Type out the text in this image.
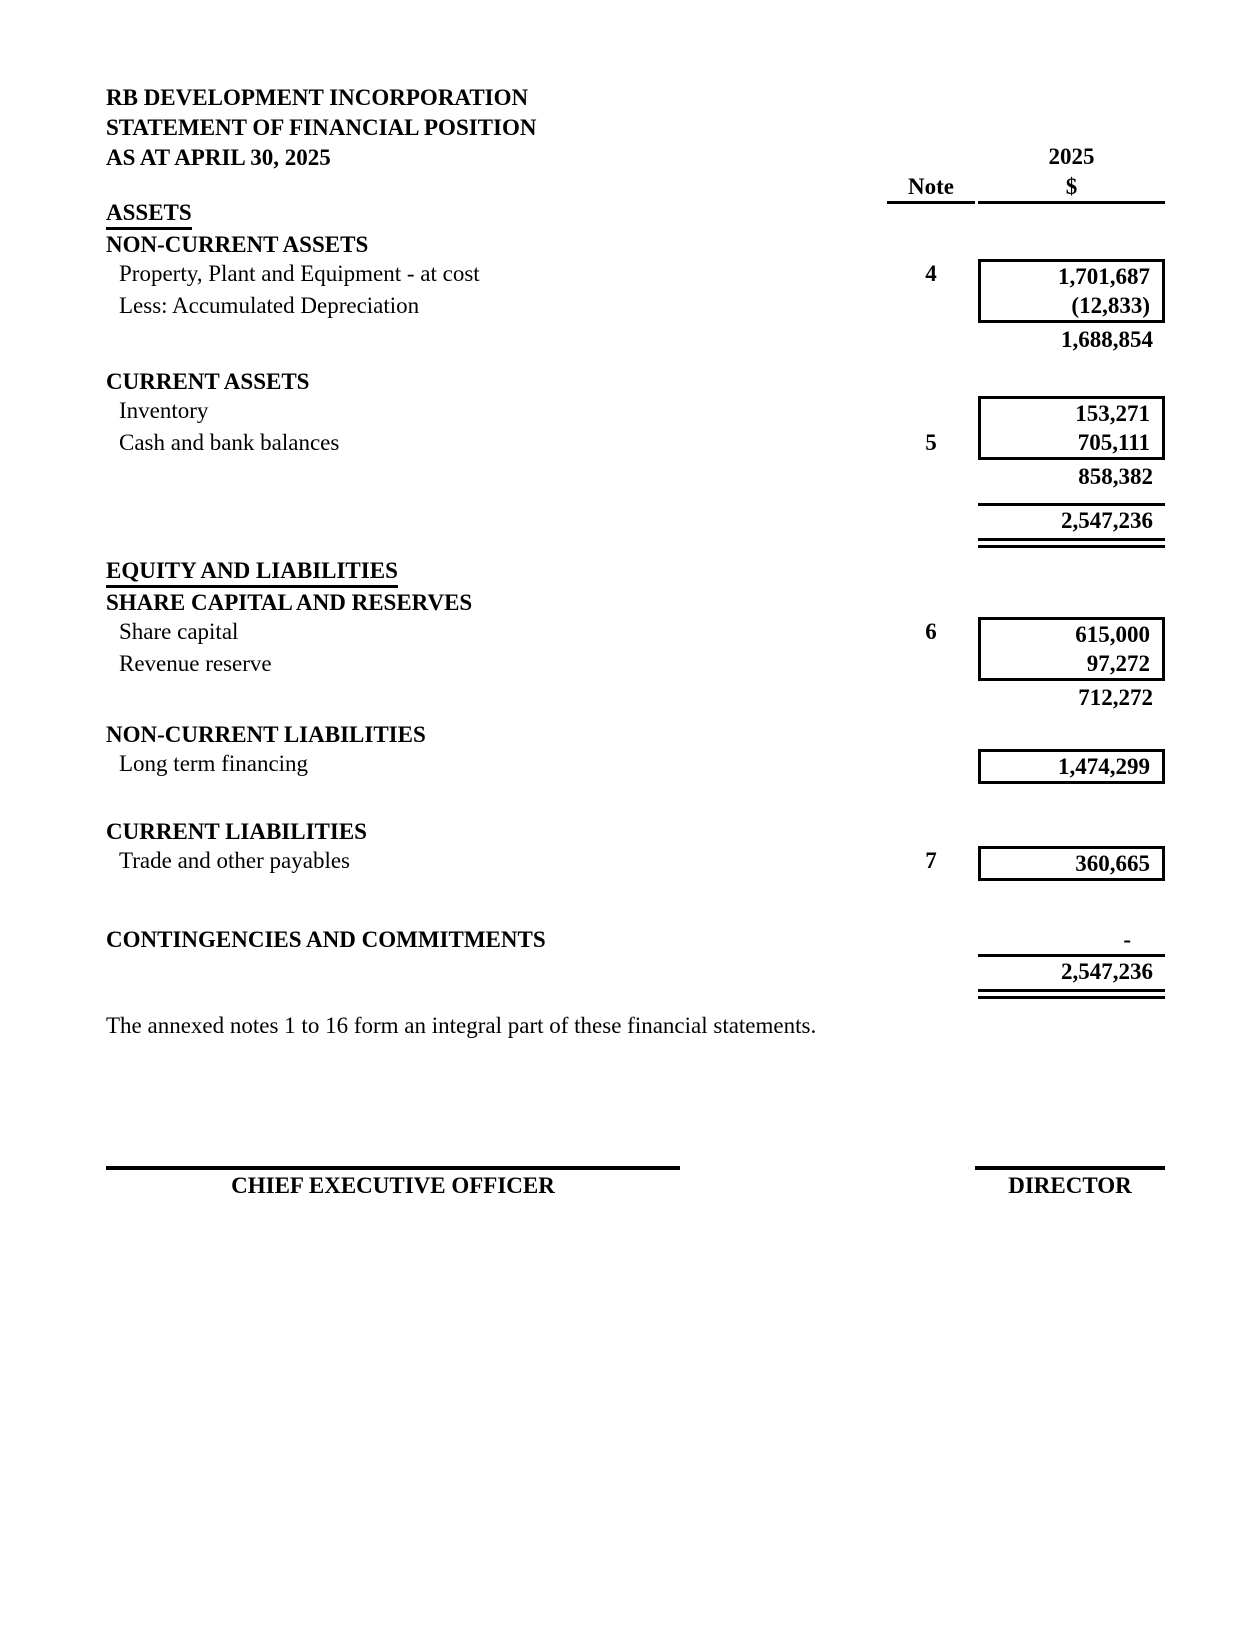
2025
Note	$
RB DEVELOPMENT INCORPORATION
STATEMENT OF FINANCIAL POSITION
AS AT APRIL 30, 2025
ASSETS
NON-CURRENT ASSETS
Property, Plant and Equipment - at cost	4	1,701,687
Less: Accumulated Depreciation	(12,833)
1,688,854
CURRENT ASSETS
Inventory	153,271
Cash and bank balances	5	705,111
858,382
2,547,236
EQUITY AND LIABILITIES
SHARE CAPITAL AND RESERVES
Share capital	6	615,000
Revenue reserve	97,272
712,272
NON-CURRENT LIABILITIES
Long term financing	1,474,299
CURRENT LIABILITIES
Trade and other payables	7	360,665
CONTINGENCIES AND COMMITMENTS	-
2,547,236
The annexed notes 1 to 16 form an integral part of these financial statements.
CHIEF EXECUTIVE OFFICER	DIRECTOR
